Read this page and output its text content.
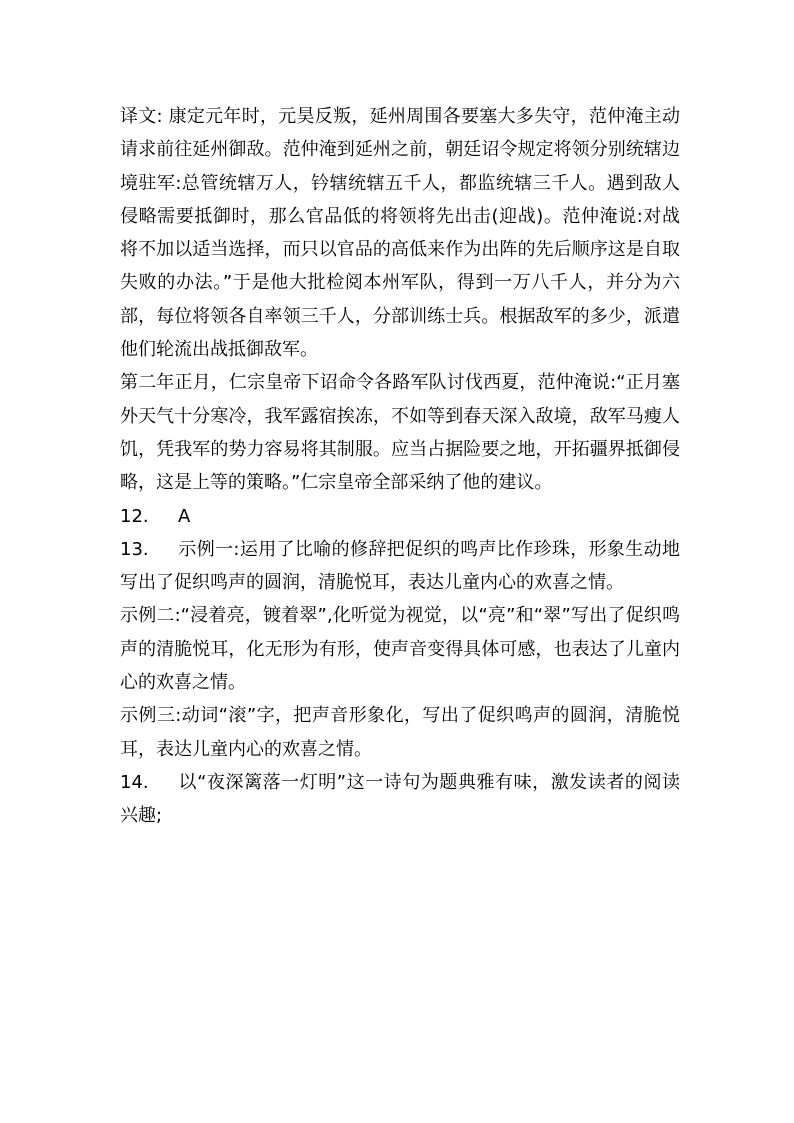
译文: 康定元年时，元昊反叛，延州周围各要塞大多失守，范仲淹主动请求前往延州御敌。范仲淹到延州之前，朝廷诏令规定将领分别统辖边境驻军:总管统辖万人，钤辖统辖五千人，都监统辖三千人。遇到敌人侵略需要抵御时，那么官品低的将领将先出击(迎战)。范仲淹说:对战将不加以适当选择，而只以官品的高低来作为出阵的先后顺序这是自取失败的办法。”于是他大批检阅本州军队，得到一万八千人，并分为六部，每位将领各自率领三千人，分部训练士兵。根据敌军的多少，派遣他们轮流出战抵御敌军。

第二年正月，仁宗皇帝下诏命令各路军队讨伐西夏，范仲淹说:“正月塞外天气十分寒冷，我军露宿挨冻，不如等到春天深入敌境，敌军马瘦人饥，凭我军的势力容易将其制服。应当占据险要之地，开拓疆界抵御侵略，这是上等的策略。”仁宗皇帝全部采纳了他的建议。

12. A

13. 示例一:运用了比喻的修辞把促织的鸣声比作珍珠，形象生动地写出了促织鸣声的圆润，清脆悦耳，表达儿童内心的欢喜之情。

示例二:“浸着亮，镀着翠”,化听觉为视觉，以“亮”和“翠”写出了促织鸣声的清脆悦耳，化无形为有形，使声音变得具体可感，也表达了儿童内心的欢喜之情。

示例三:动词“滚”字，把声音形象化，写出了促织鸣声的圆润，清脆悦耳，表达儿童内心的欢喜之情。

14. 以“夜深篱落一灯明”这一诗句为题典雅有味，激发读者的阅读兴趣;
